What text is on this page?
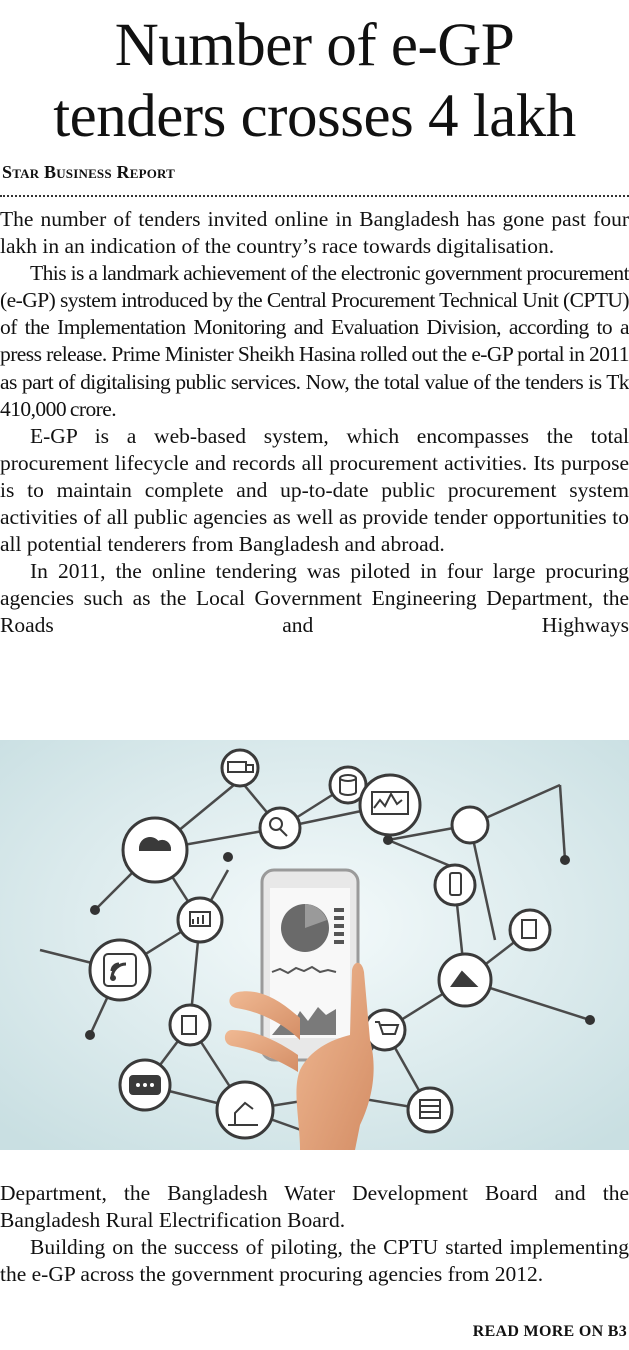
Number of e-GP
tenders crosses 4 lakh
Star Business Report

The number of tenders invited online in Bangladesh has gone past four lakh in an indication of the country’s race towards digitalisation.

This is a landmark achievement of the electronic government procurement (e-GP) system introduced by the Central Procurement Technical Unit (CPTU) of the Implementation Monitoring and Evaluation Division, according to a press release. Prime Minister Sheikh Hasina rolled out the e-GP portal in 2011 as part of digitalising public services. Now, the total value of the tenders is Tk 410,000 crore.

E-GP is a web-based system, which encompasses the total procurement lifecycle and records all procurement activities. Its purpose is to maintain complete and up-to-date public procurement system activities of all public agencies as well as provide tender opportunities to all potential tenderers from Bangladesh and abroad.

In 2011, the online tendering was piloted in four large procuring agencies such as the Local Government Engineering Department, the Roads and Highways

Department, the Bangladesh Water Development Board and the Bangladesh Rural Electrification Board.

Building on the success of piloting, the CPTU started implementing the e-GP across the government procuring agencies from 2012.

READ MORE ON B3
